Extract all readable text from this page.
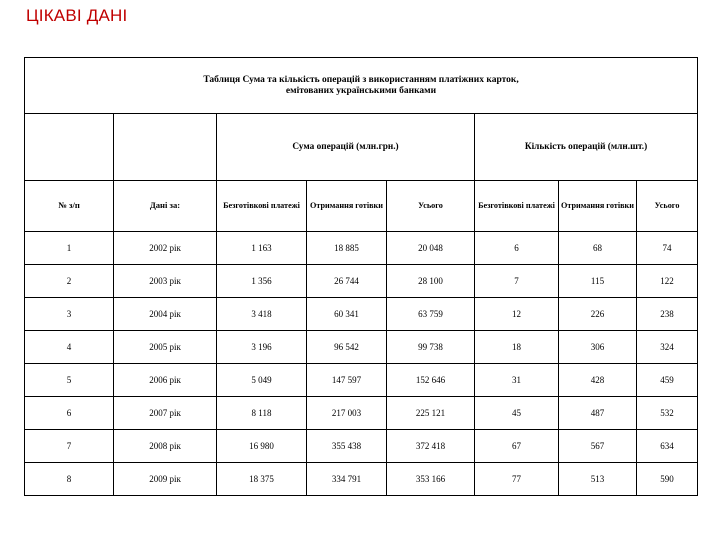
ЦІКАВІ ДАНІ
Таблиця Сума та кількість операцій з використанням платіжних карток,
емітованих українськими банками							

		Сума операцій (млн.грн.)			Кількість операцій (млн.шт.)		
№ з/п	Дані за:	Безготівкові платежі	Отримання готівки	Усього	Безготівкові платежі	Отримання готівки	Усього
1	2002 рік	1 163	18 885	20 048	6	68	74
2	2003 рік	1 356	26 744	28 100	7	115	122
3	2004 рік	3 418	60 341	63 759	12	226	238
4	2005 рік	3 196	96 542	99 738	18	306	324
5	2006 рік	5 049	147 597	152 646	31	428	459
6	2007 рік	8 118	217 003	225 121	45	487	532
7	2008 рік	16 980	355 438	372 418	67	567	634
8	2009 рік	18 375	334 791	353 166	77	513	590
